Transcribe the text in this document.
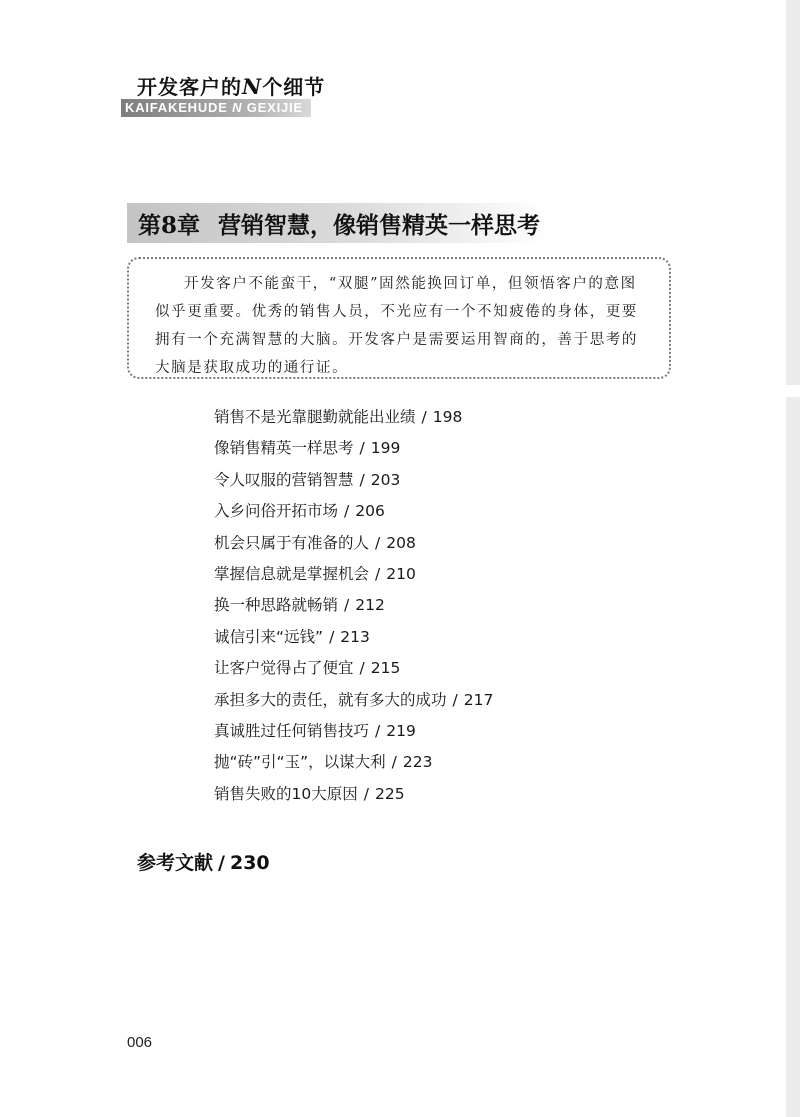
开发客户的N个细节
KAIFAKEHUDE N GEXIJIE
第8章 营销智慧，像销售精英一样思考
开发客户不能蛮干，“双腿”固然能换回订单，但领悟客户的意图似乎更重要。优秀的销售人员，不光应有一个不知疲倦的身体，更要拥有一个充满智慧的大脑。开发客户是需要运用智商的，善于思考的大脑是获取成功的通行证。
销售不是光靠腿勤就能出业绩 / 198
像销售精英一样思考 / 199
令人叹服的营销智慧 / 203
入乡问俗开拓市场 / 206
机会只属于有准备的人 / 208
掌握信息就是掌握机会 / 210
换一种思路就畅销 / 212
诚信引来“远钱” / 213
让客户觉得占了便宜 / 215
承担多大的责任，就有多大的成功 / 217
真诚胜过任何销售技巧 / 219
抛“砖”引“玉”，以谋大利 / 223
销售失败的10大原因 / 225
参考文献 / 230
006
